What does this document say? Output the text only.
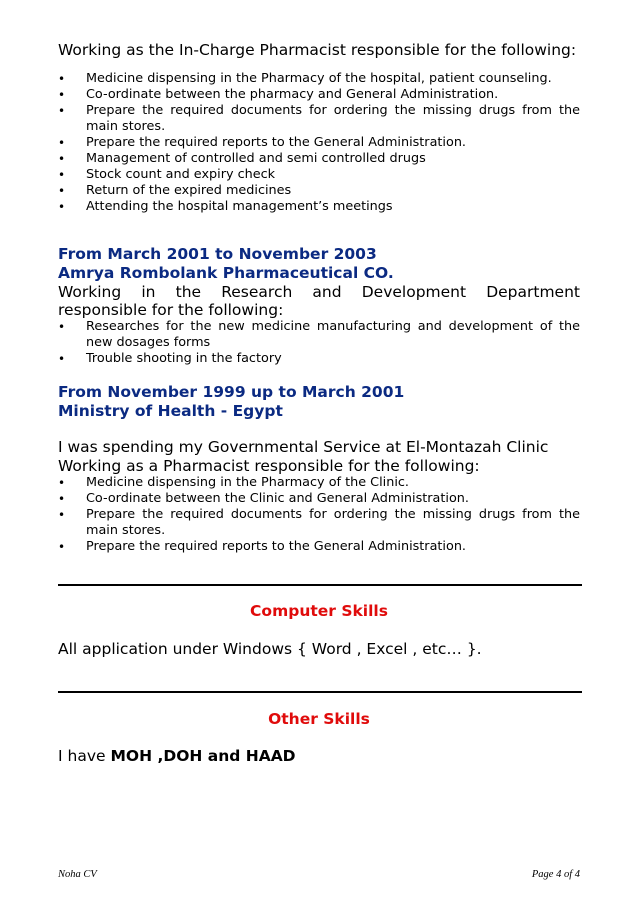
Working as the In-Charge Pharmacist responsible for the following:
• Medicine dispensing in the Pharmacy of the hospital, patient counseling.
• Co-ordinate between the pharmacy and General Administration.
• Prepare the required documents for ordering the missing drugs from the main stores.
• Prepare the required reports to the General Administration.
• Management of controlled and semi controlled drugs
• Stock count and expiry check
• Return of the expired medicines
• Attending the hospital management’s meetings
From March 2001 to November 2003
Amrya Rombolank Pharmaceutical CO.
Working in the Research and Development Department responsible for the following:
• Researches for the new medicine manufacturing and development of the new dosages forms
• Trouble shooting in the factory
From November 1999 up to March 2001
Ministry of Health - Egypt
I was spending my Governmental Service at El-Montazah Clinic
Working as a Pharmacist responsible for the following:
• Medicine dispensing in the Pharmacy of the Clinic.
• Co-ordinate between the Clinic and General Administration.
• Prepare the required documents for ordering the missing drugs from the main stores.
• Prepare the required reports to the General Administration.
Computer Skills
All application under Windows { Word , Excel , etc… }.
Other Skills
I have MOH ,DOH and HAAD
Noha CV	Page 4 of 4
